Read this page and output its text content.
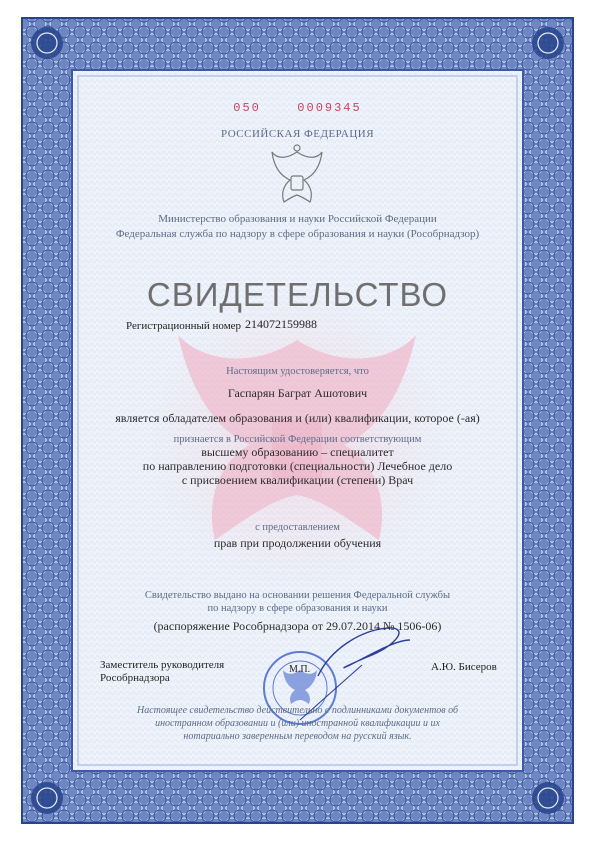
050	0009345
РОССИЙСКАЯ ФЕДЕРАЦИЯ
Министерство образования и науки Российской Федерации
Федеральная служба по надзору в сфере образования и науки (Рособрнадзор)
СВИДЕТЕЛЬСТВО
Регистрационный номер 214072159988
Настоящим удостоверяется, что
Гаспарян Баграт Ашотович
является обладателем образования и (или) квалификации, которое (-ая)
признается в Российской Федерации соответствующим
высшему образованию – специалитет
по направлению подготовки (специальности) Лечебное дело
с присвоением квалификации (степени) Врач
с предоставлением
прав при продолжении обучения
Свидетельство выдано на основании решения Федеральной службы
по надзору в сфере образования и науки
(распоряжение Рособрнадзора от 29.07.2014 № 1506-06)
Заместитель руководителя
Рособрнадзора
М.П.	А.Ю. Бисеров
Настоящее свидетельство действительно с подлинниками документов об
иностранном образовании и (или) иностранной квалификации и их
нотариально заверенным переводом на русский язык.
